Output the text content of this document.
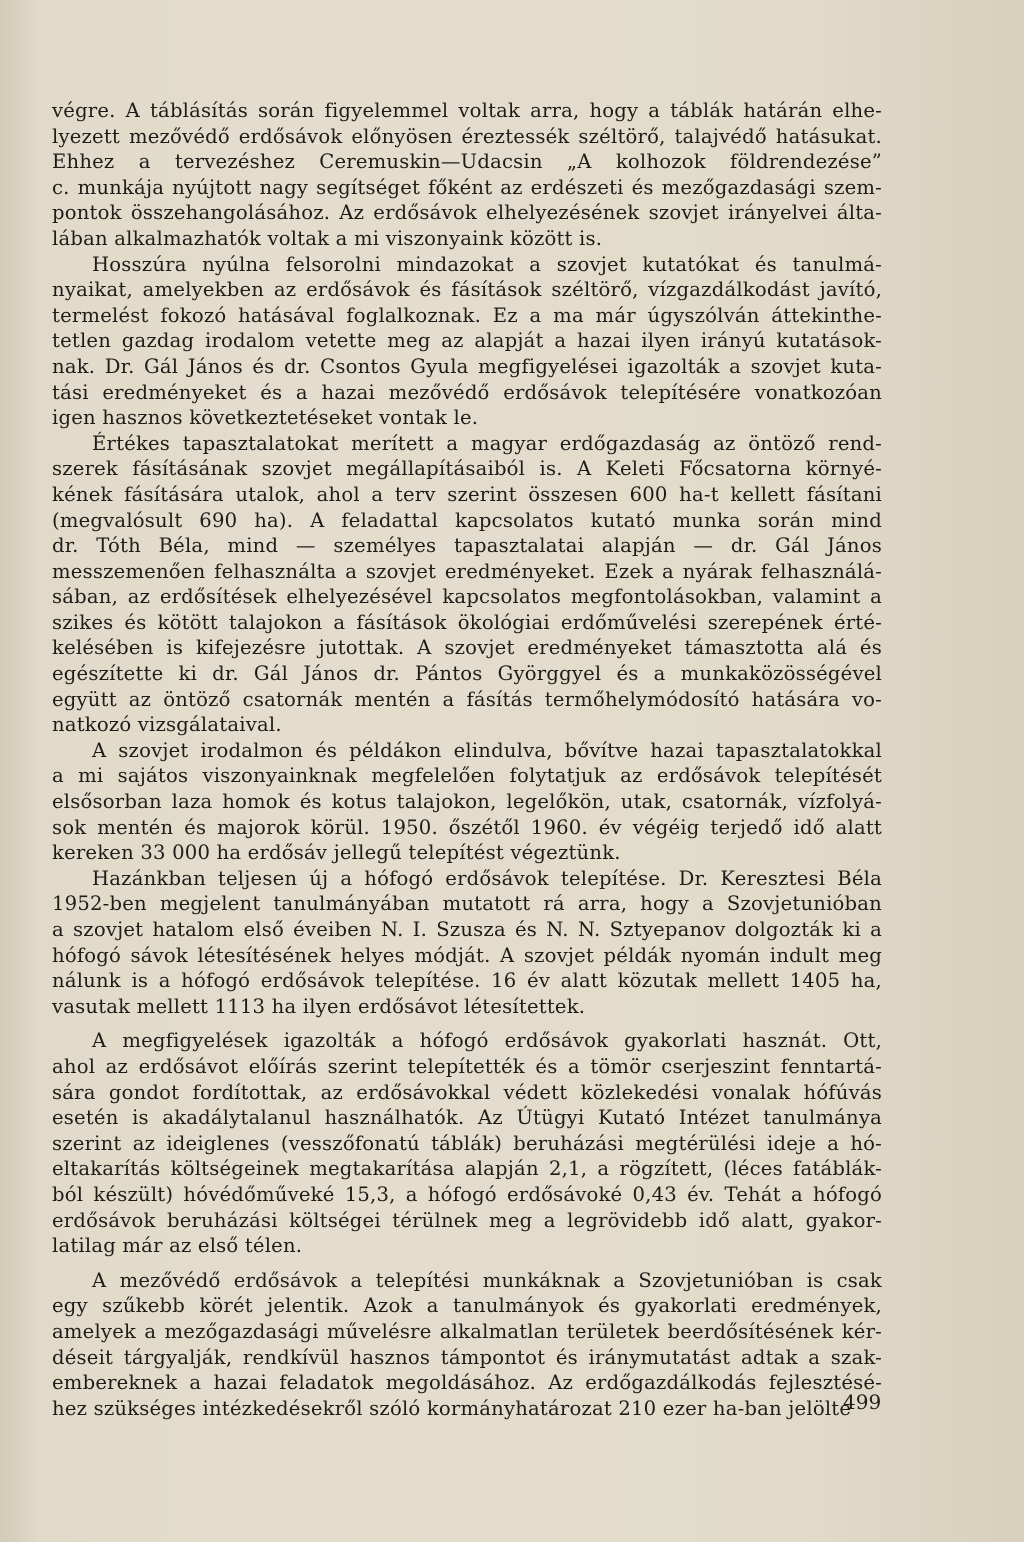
végre. A táblásítás során figyelemmel voltak arra, hogy a táblák határán elhe-
lyezett mezővédő erdősávok előnyösen éreztessék széltörő, talajvédő hatásukat.
Ehhez a tervezéshez Ceremuskin—Udacsin „A kolhozok földrendezése”
c. munkája nyújtott nagy segítséget főként az erdészeti és mezőgazdasági szem-
pontok összehangolásához. Az erdősávok elhelyezésének szovjet irányelvei álta-
lában alkalmazhatók voltak a mi viszonyaink között is.
Hosszúra nyúlna felsorolni mindazokat a szovjet kutatókat és tanulmá-
nyaikat, amelyekben az erdősávok és fásítások széltörő, vízgazdálkodást javító,
termelést fokozó hatásával foglalkoznak. Ez a ma már úgyszólván áttekinthe-
tetlen gazdag irodalom vetette meg az alapját a hazai ilyen irányú kutatások-
nak. Dr. Gál János és dr. Csontos Gyula megfigyelései igazolták a szovjet kuta-
tási eredményeket és a hazai mezővédő erdősávok telepítésére vonatkozóan
igen hasznos következtetéseket vontak le.
Értékes tapasztalatokat merített a magyar erdőgazdaság az öntöző rend-
szerek fásításának szovjet megállapításaiból is. A Keleti Főcsatorna környé-
kének fásítására utalok, ahol a terv szerint összesen 600 ha-t kellett fásítani
(megvalósult 690 ha). A feladattal kapcsolatos kutató munka során mind
dr. Tóth Béla, mind — személyes tapasztalatai alapján — dr. Gál János
messzemenően felhasználta a szovjet eredményeket. Ezek a nyárak felhasználá-
sában, az erdősítések elhelyezésével kapcsolatos megfontolásokban, valamint a
szikes és kötött talajokon a fásítások ökológiai erdőművelési szerepének érté-
kelésében is kifejezésre jutottak. A szovjet eredményeket támasztotta alá és
egészítette ki dr. Gál János dr. Pántos Györggyel és a munkaközösségével
együtt az öntöző csatornák mentén a fásítás termőhelymódosító hatására vo-
natkozó vizsgálataival.
A szovjet irodalmon és példákon elindulva, bővítve hazai tapasztalatokkal
a mi sajátos viszonyainknak megfelelően folytatjuk az erdősávok telepítését
elsősorban laza homok és kotus talajokon, legelőkön, utak, csatornák, vízfolyá-
sok mentén és majorok körül. 1950. őszétől 1960. év végéig terjedő idő alatt
kereken 33 000 ha erdősáv jellegű telepítést végeztünk.
Hazánkban teljesen új a hófogó erdősávok telepítése. Dr. Keresztesi Béla
1952-ben megjelent tanulmányában mutatott rá arra, hogy a Szovjetunióban
a szovjet hatalom első éveiben N. I. Szusza és N. N. Sztyepanov dolgozták ki a
hófogó sávok létesítésének helyes módját. A szovjet példák nyomán indult meg
nálunk is a hófogó erdősávok telepítése. 16 év alatt közutak mellett 1405 ha,
vasutak mellett 1113 ha ilyen erdősávot létesítettek.
A megfigyelések igazolták a hófogó erdősávok gyakorlati hasznát. Ott,
ahol az erdősávot előírás szerint telepítették és a tömör cserjeszint fenntartá-
sára gondot fordítottak, az erdősávokkal védett közlekedési vonalak hófúvás
esetén is akadálytalanul használhatók. Az Útügyi Kutató Intézet tanulmánya
szerint az ideiglenes (vesszőfonatú táblák) beruházási megtérülési ideje a hó-
eltakarítás költségeinek megtakarítása alapján 2,1, a rögzített, (léces fatáblák-
ból készült) hóvédőműveké 15,3, a hófogó erdősávoké 0,43 év. Tehát a hófogó
erdősávok beruházási költségei térülnek meg a legrövidebb idő alatt, gyakor-
latilag már az első télen.
A mezővédő erdősávok a telepítési munkáknak a Szovjetunióban is csak
egy szűkebb körét jelentik. Azok a tanulmányok és gyakorlati eredmények,
amelyek a mezőgazdasági művelésre alkalmatlan területek beerdősítésének kér-
déseit tárgyalják, rendkívül hasznos támpontot és iránymutatást adtak a szak-
embereknek a hazai feladatok megoldásához. Az erdőgazdálkodás fejlesztésé-
hez szükséges intézkedésekről szóló kormányhatározat 210 ezer ha-ban jelölte
499
